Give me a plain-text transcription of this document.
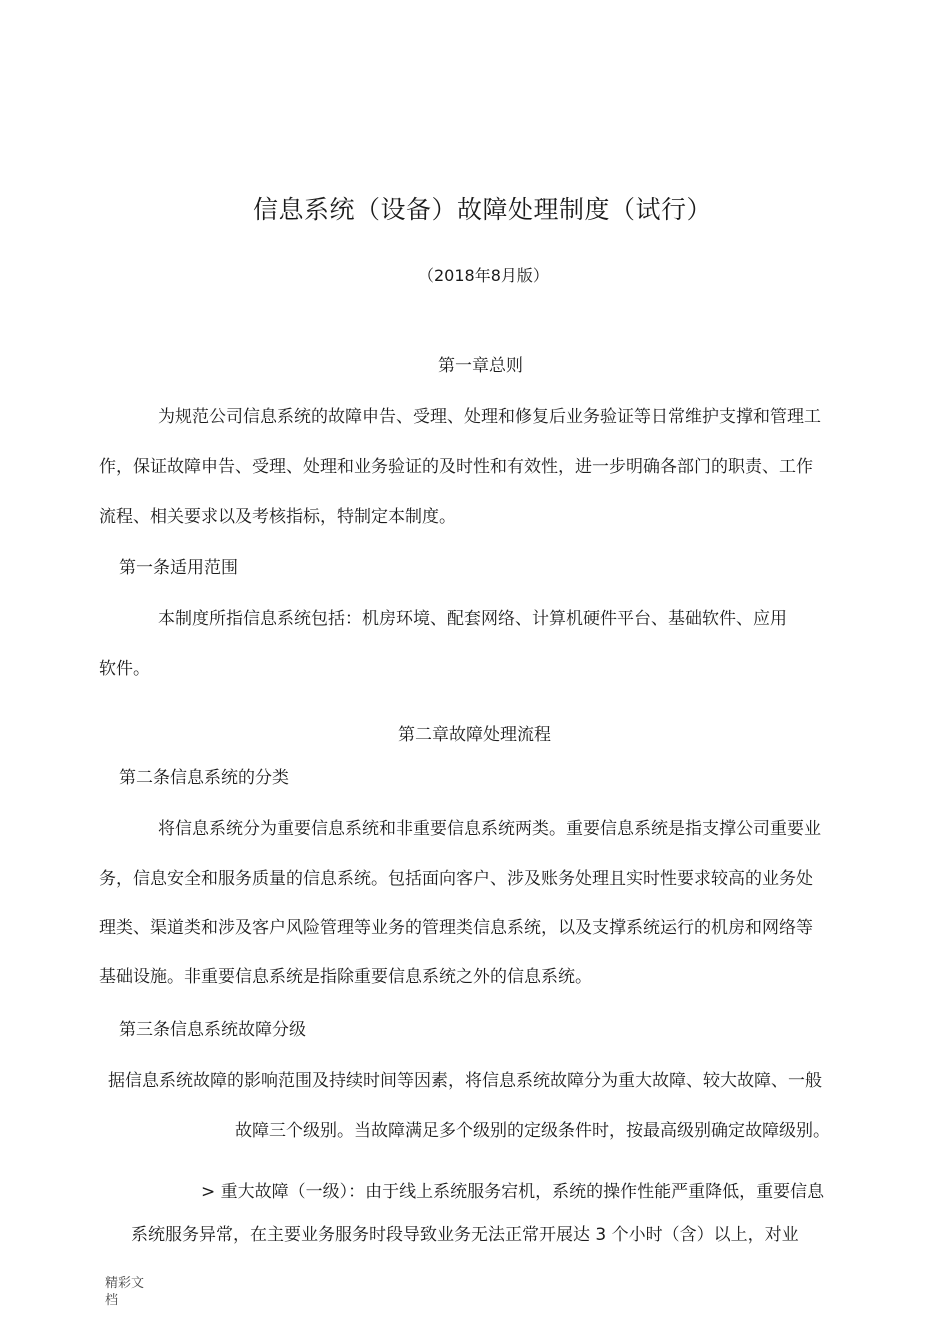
信息系统（设备）故障处理制度（试行）
（2018年8月版）
第一章总则
为规范公司信息系统的故障申告、受理、处理和修复后业务验证等日常维护支撑和管理工
作，保证故障申告、受理、处理和业务验证的及时性和有效性，进一步明确各部门的职责、工作
流程、相关要求以及考核指标，特制定本制度。
第一条适用范围
本制度所指信息系统包括：机房环境、配套网络、计算机硬件平台、基础软件、应用
软件。
第二章故障处理流程
第二条信息系统的分类
将信息系统分为重要信息系统和非重要信息系统两类。重要信息系统是指支撑公司重要业
务，信息安全和服务质量的信息系统。包括面向客户、涉及账务处理且实时性要求较高的业务处
理类、渠道类和涉及客户风险管理等业务的管理类信息系统，以及支撑系统运行的机房和网络等
基础设施。非重要信息系统是指除重要信息系统之外的信息系统。
第三条信息系统故障分级
据信息系统故障的影响范围及持续时间等因素，将信息系统故障分为重大故障、较大故障、一般
故障三个级别。当故障满足多个级别的定级条件时，按最高级别确定故障级别。
> 重大故障（一级）：由于线上系统服务宕机，系统的操作性能严重降低，重要信息
系统服务异常，在主要业务服务时段导致业务无法正常开展达 3 个小时（含）以上，对业
精彩文
档
